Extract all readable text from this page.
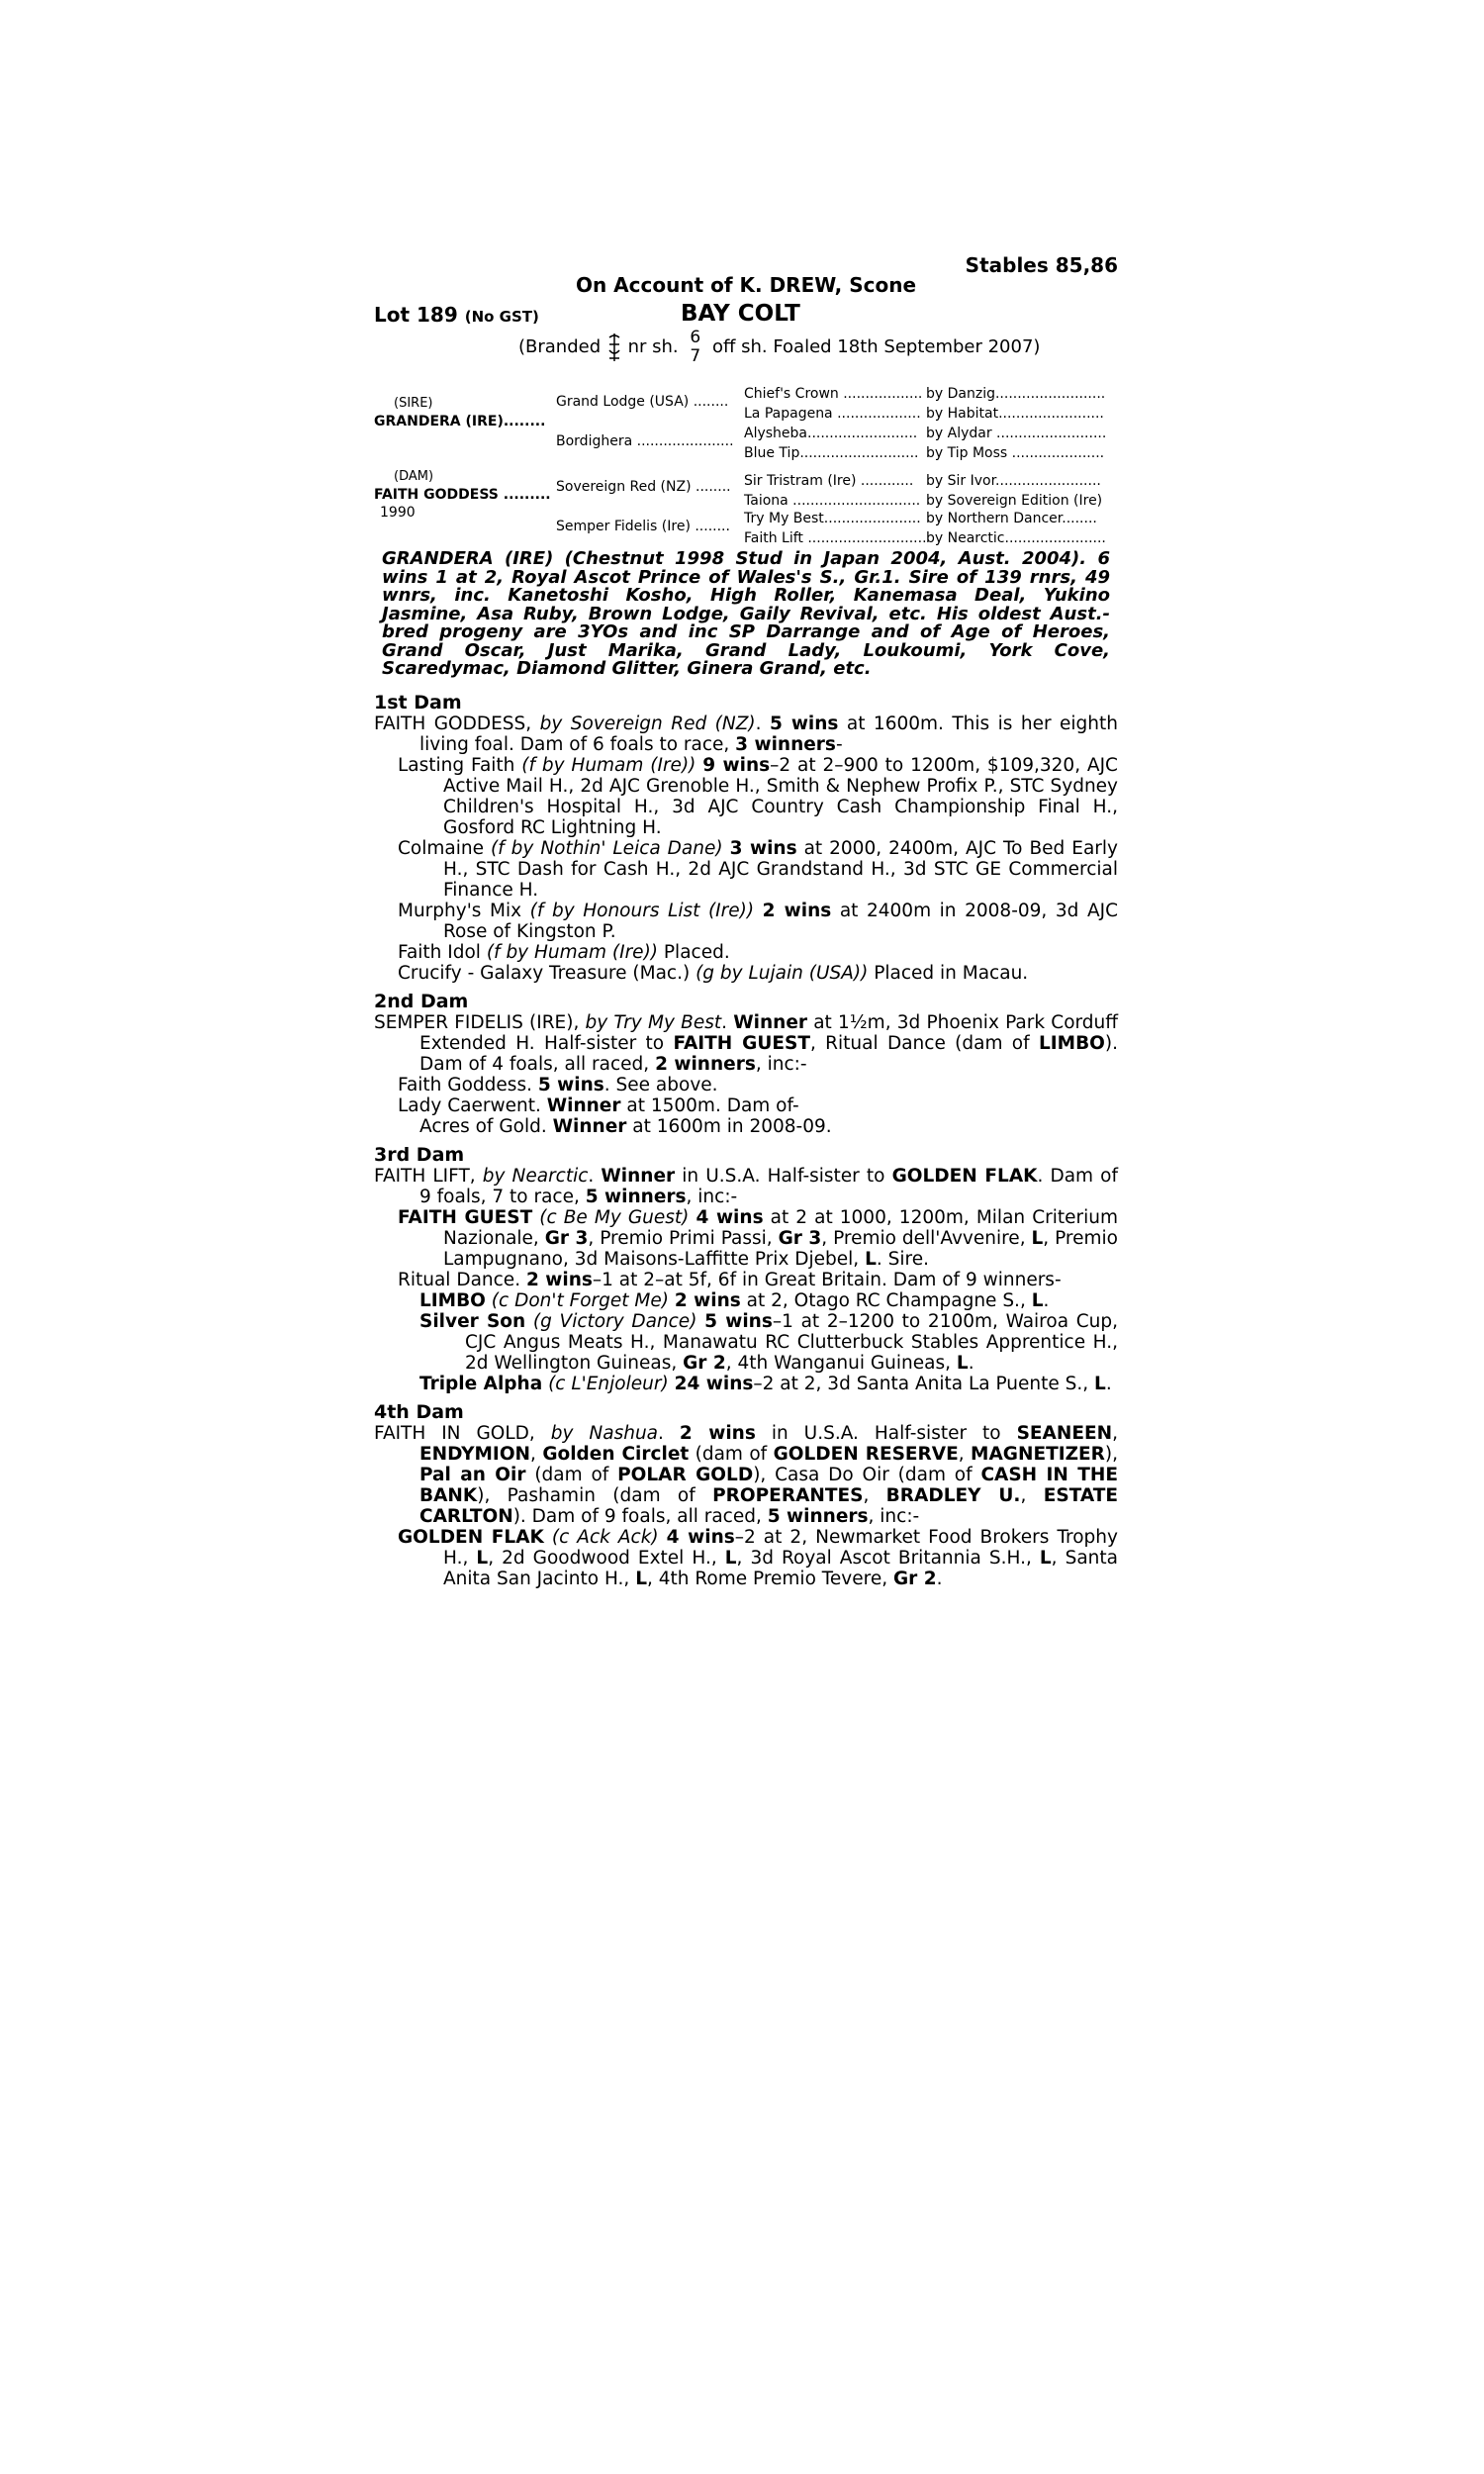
Stables 85,86
On Account of K. DREW, Scone
Lot 189 (No GST)	BAY COLT
(Branded nr sh. 6
7 off sh. Foaled 18th September 2007)
(SIRE)
GRANDERA (IRE)........
(DAM)
FAITH GODDESS .........
1990
Grand Lodge (USA) ........
Bordighera ......................
Sovereign Red (NZ) ........
Semper Fidelis (Ire) ........
Chief's Crown ..................
La Papagena ...................
Alysheba.........................
Blue Tip...........................
Sir Tristram (Ire) ............
Taiona .............................
Try My Best......................
Faith Lift ...........................
by Danzig.........................
by Habitat........................
by Alydar .........................
by Tip Moss .....................
by Sir Ivor........................
by Sovereign Edition (Ire)
by Northern Dancer........
by Nearctic.......................

GRANDERA (IRE) (Chestnut 1998 Stud in Japan 2004, Aust. 2004). 6 wins 1 at 2, Royal Ascot Prince of Wales's S., Gr.1. Sire of 139 rnrs, 49 wnrs, inc. Kanetoshi Kosho, High Roller, Kanemasa Deal, Yukino Jasmine, Asa Ruby, Brown Lodge, Gaily Revival, etc. His oldest Aust.-bred progeny are 3YOs and inc SP Darrange and of Age of Heroes, Grand Oscar, Just Marika, Grand Lady, Loukoumi, York Cove, Scaredymac, Diamond Glitter, Ginera Grand, etc.

1st Dam

FAITH GODDESS, by Sovereign Red (NZ). 5 wins at 1600m. This is her eighth living foal. Dam of 6 foals to race, 3 winners-

Lasting Faith (f by Humam (Ire)) 9 wins–2 at 2–900 to 1200m, $109,320, AJC Active Mail H., 2d AJC Grenoble H., Smith & Nephew Profix P., STC Sydney Children's Hospital H., 3d AJC Country Cash Championship Final H., Gosford RC Lightning H.

Colmaine (f by Nothin' Leica Dane) 3 wins at 2000, 2400m, AJC To Bed Early H., STC Dash for Cash H., 2d AJC Grandstand H., 3d STC GE Commercial Finance H.

Murphy's Mix (f by Honours List (Ire)) 2 wins at 2400m in 2008-09, 3d AJC Rose of Kingston P.

Faith Idol (f by Humam (Ire)) Placed.

Crucify - Galaxy Treasure (Mac.) (g by Lujain (USA)) Placed in Macau.

2nd Dam

SEMPER FIDELIS (IRE), by Try My Best. Winner at 1½m, 3d Phoenix Park Corduff Extended H. Half-sister to FAITH GUEST, Ritual Dance (dam of LIMBO). Dam of 4 foals, all raced, 2 winners, inc:-

Faith Goddess. 5 wins. See above.

Lady Caerwent. Winner at 1500m. Dam of-

Acres of Gold. Winner at 1600m in 2008-09.

3rd Dam

FAITH LIFT, by Nearctic. Winner in U.S.A. Half-sister to GOLDEN FLAK. Dam of 9 foals, 7 to race, 5 winners, inc:-

FAITH GUEST (c Be My Guest) 4 wins at 2 at 1000, 1200m, Milan Criterium Nazionale, Gr 3, Premio Primi Passi, Gr 3, Premio dell'Avvenire, L, Premio Lampugnano, 3d Maisons-Laffitte Prix Djebel, L. Sire.

Ritual Dance. 2 wins–1 at 2–at 5f, 6f in Great Britain. Dam of 9 winners-

LIMBO (c Don't Forget Me) 2 wins at 2, Otago RC Champagne S., L.

Silver Son (g Victory Dance) 5 wins–1 at 2–1200 to 2100m, Wairoa Cup, CJC Angus Meats H., Manawatu RC Clutterbuck Stables Apprentice H., 2d Wellington Guineas, Gr 2, 4th Wanganui Guineas, L.

Triple Alpha (c L'Enjoleur) 24 wins–2 at 2, 3d Santa Anita La Puente S., L.

4th Dam

FAITH IN GOLD, by Nashua. 2 wins in U.S.A. Half-sister to SEANEEN, ENDYMION, Golden Circlet (dam of GOLDEN RESERVE, MAGNETIZER), Pal an Oir (dam of POLAR GOLD), Casa Do Oir (dam of CASH IN THE BANK), Pashamin (dam of PROPERANTES, BRADLEY U., ESTATE CARLTON). Dam of 9 foals, all raced, 5 winners, inc:-

GOLDEN FLAK (c Ack Ack) 4 wins–2 at 2, Newmarket Food Brokers Trophy H., L, 2d Goodwood Extel H., L, 3d Royal Ascot Britannia S.H., L, Santa Anita San Jacinto H., L, 4th Rome Premio Tevere, Gr 2.
